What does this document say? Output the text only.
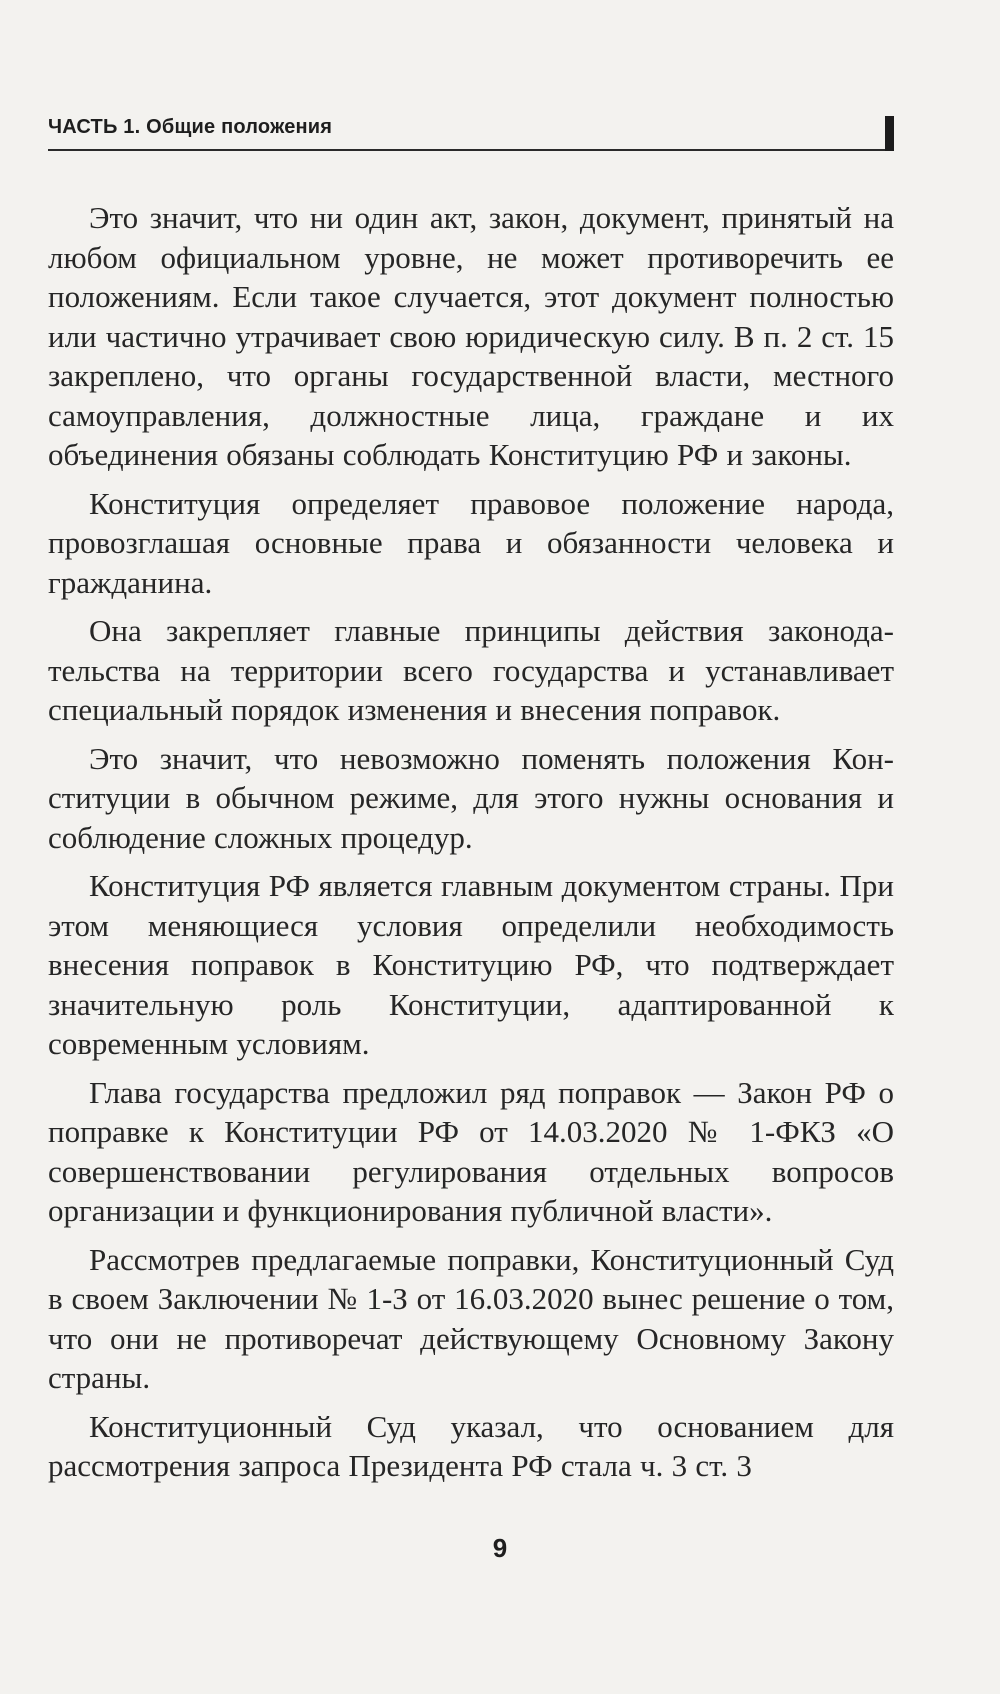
ЧАСТЬ 1. Общие положения

Это значит, что ни один акт, закон, документ, принятый на любом официальном уровне, не может противоречить ее положениям. Если такое случается, этот документ полностью или частично утрачивает свою юридическую силу. В п. 2 ст. 15 закреплено, что органы государственной власти, местного самоуправления, должностные лица, граждане и их объединения обязаны соблюдать Конституцию РФ и законы.

Конституция определяет правовое положение народа, провозглашая основные права и обязанности человека и гражданина.

Она закрепляет главные принципы действия законодательства на территории всего государства и устанавливает специальный порядок изменения и внесения поправок.

Это значит, что невозможно поменять положения Конституции в обычном режиме, для этого нужны основания и соблюдение сложных процедур.

Конституция РФ является главным документом страны. При этом меняющиеся условия определили необходимость внесения поправок в Конституцию РФ, что подтверждает значительную роль Конституции, адаптированной к современным условиям.

Глава государства предложил ряд поправок — Закон РФ о поправке к Конституции РФ от 14.03.2020 № 1-ФКЗ «О совершенствовании регулирования отдельных вопросов организации и функционирования публичной власти».

Рассмотрев предлагаемые поправки, Конституционный Суд в своем Заключении № 1-З от 16.03.2020 вынес решение о том, что они не противоречат действующему Основному Закону страны.

Конституционный Суд указал, что основанием для рассмотрения запроса Президента РФ стала ч. 3 ст. 3

9
